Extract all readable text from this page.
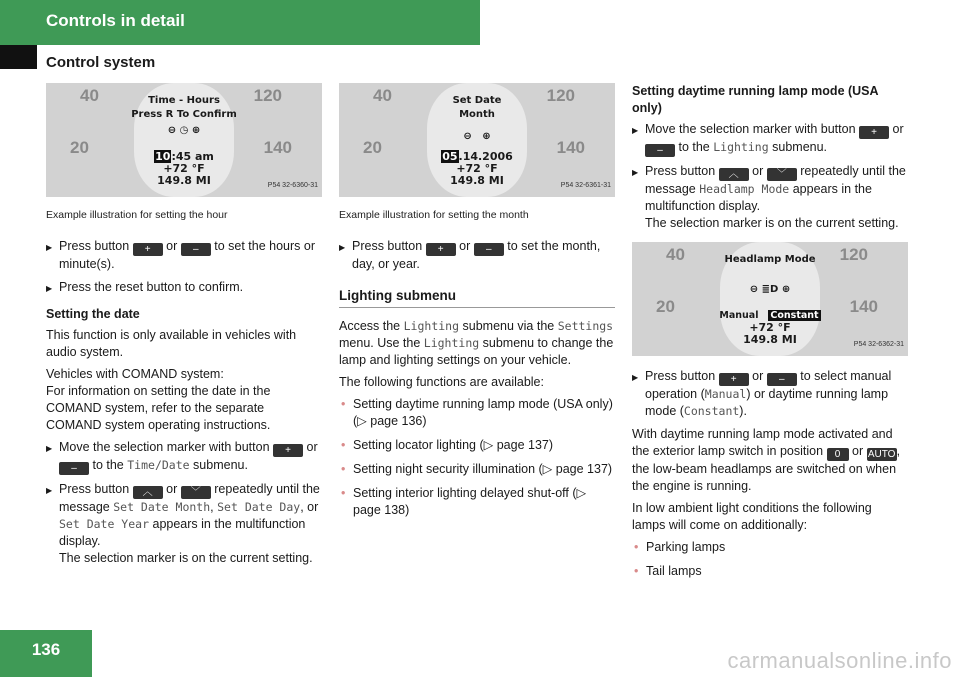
Controls in detail
Control system
40	120
20	140
Time - Hours
Press R To Confirm
⊖ ◷ ⊕
10:45 am
+72 °F
149.8 MI	P54 32-6360-31
Example illustration for setting the hour
▶ Press button + or – to set the hours or minute(s).
▶ Press the reset button to confirm.
Setting the date

This function is only available in vehicles with audio system.

Vehicles with COMAND system:
For information on setting the date in the COMAND system, refer to the separate COMAND system operating instructions.

▶ Move the selection marker with button + or – to the Time/Date submenu.
▶ Press button ︿ or ﹀ repeatedly until the message Set Date Month, Set Date Day, or Set Date Year appears in the multifunction display.
The selection marker is on the current setting.
40	120
20	140
Set Date
Month
⊖   ⊕
05.14.2006
+72 °F
149.8 MI	P54 32-6361-31
Example illustration for setting the month
▶ Press button + or – to set the month, day, or year.
Lighting submenu

Access the Lighting submenu via the Settings menu. Use the Lighting submenu to change the lamp and lighting settings on your vehicle.

The following functions are available:

• Setting daytime running lamp mode (USA only) (▷ page 136)
• Setting locator lighting (▷ page 137)
• Setting night security illumination (▷ page 137)
• Setting interior lighting delayed shut-off (▷ page 138)
Setting daytime running lamp mode (USA only)
▶ Move the selection marker with button + or – to the Lighting submenu.
▶ Press button ︿ or ﹀ repeatedly until the message Headlamp Mode appears in the multifunction display.
The selection marker is on the current setting.
40	120
20	140
Headlamp Mode
⊖ ≣D ⊕
Manual Constant
+72 °F
149.8 MI	P54 32-6362-31
▶ Press button + or – to select manual operation (Manual) or daytime running lamp mode (Constant).

With daytime running lamp mode activated and the exterior lamp switch in position 0 or AUTO, the low-beam headlamps are switched on when the engine is running.

In low ambient light conditions the following lamps will come on additionally:

• Parking lamps
• Tail lamps
136	carmanualsonline.info
